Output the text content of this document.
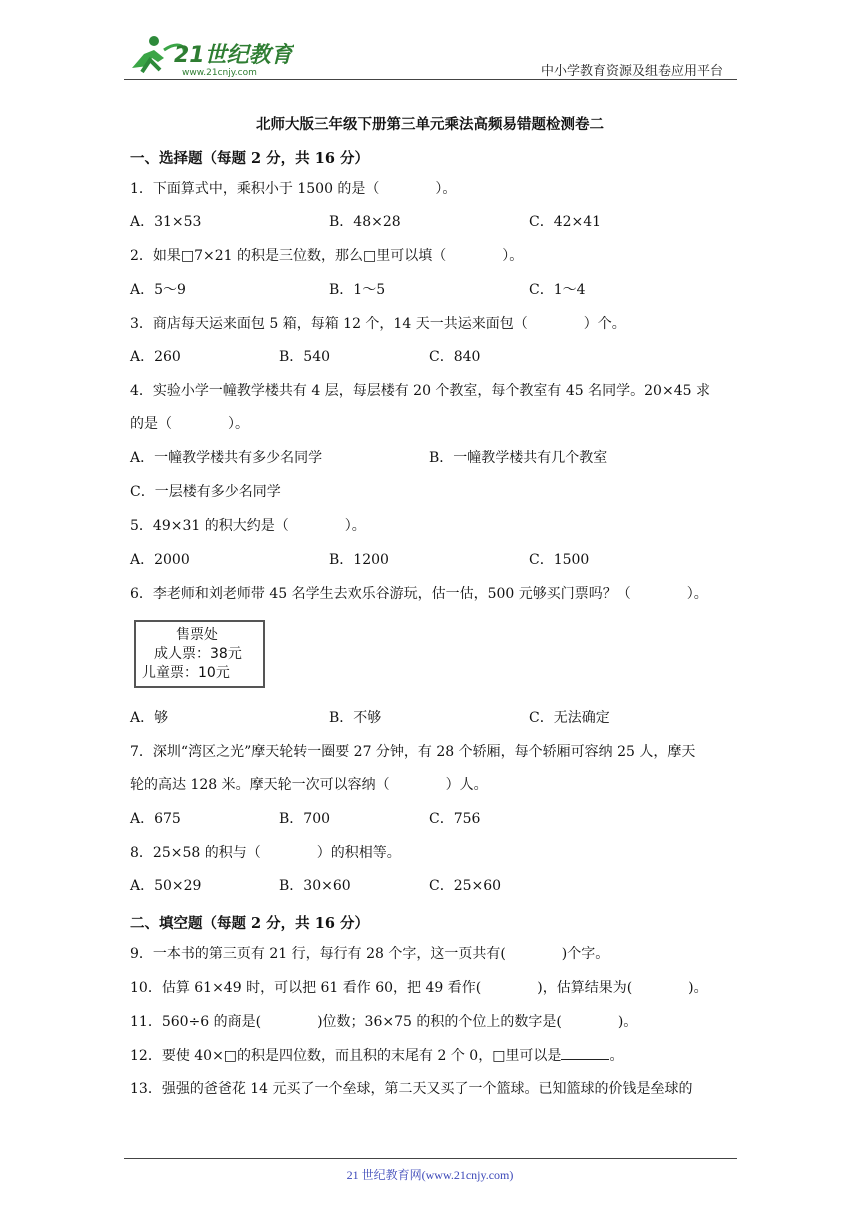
21世纪教育
www.21cnjy.com	中小学教育资源及组卷应用平台
北师大版三年级下册第三单元乘法高频易错题检测卷二
一、选择题（每题 2 分，共 16 分）
1．下面算式中，乘积小于 1500 的是（　　　　）。
A．31×53	B．48×28	C．42×41
2．如果□7×21 的积是三位数，那么□里可以填（　　　　）。
A．5～9	B．1～5	C．1～4
3．商店每天运来面包 5 箱，每箱 12 个，14 天一共运来面包（　　　　）个。
A．260	B．540	C．840
4．实验小学一幢教学楼共有 4 层，每层楼有 20 个教室，每个教室有 45 名同学。20×45 求
的是（　　　　）。
A．一幢教学楼共有多少名同学	B．一幢教学楼共有几个教室
C．一层楼有多少名同学
5．49×31 的积大约是（　　　　）。
A．2000	B．1200	C．1500
6．李老师和刘老师带 45 名学生去欢乐谷游玩，估一估，500 元够买门票吗？（　　　　）。
售票处
成人票：38元
儿童票：10元
A．够	B．不够	C．无法确定
7．深圳“湾区之光”摩天轮转一圈要 27 分钟，有 28 个轿厢，每个轿厢可容纳 25 人，摩天
轮的高达 128 米。摩天轮一次可以容纳（　　　　）人。
A．675	B．700	C．756
8．25×58 的积与（　　　　）的积相等。
A．50×29	B．30×60	C．25×60
二、填空题（每题 2 分，共 16 分）
9．一本书的第三页有 21 行，每行有 28 个字，这一页共有(　　　　)个字。
10．估算 61×49 时，可以把 61 看作 60，把 49 看作(　　　　)，估算结果为(　　　　)。
11．560÷6 的商是(　　　　)位数；36×75 的积的个位上的数字是(　　　　)。
12．要使 40×□的积是四位数，而且积的末尾有 2 个 0，□里可以是	。
13．强强的爸爸花 14 元买了一个垒球，第二天又买了一个篮球。已知篮球的价钱是垒球的
21 世纪教育网(www.21cnjy.com)
